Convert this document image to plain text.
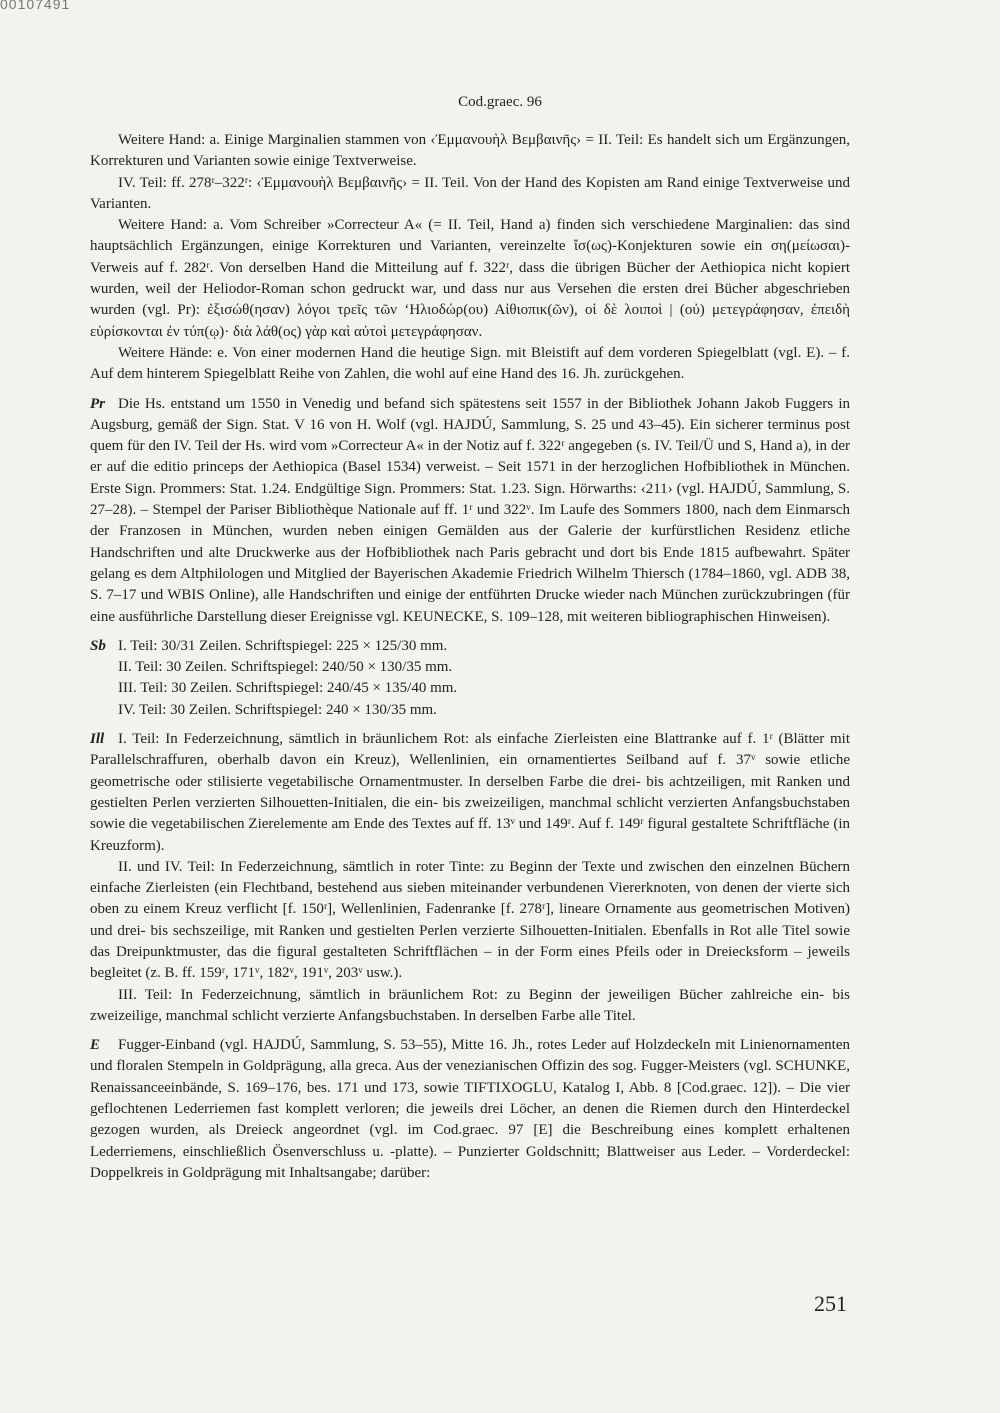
00107491
Cod.graec. 96

Weitere Hand: a. Einige Marginalien stammen von ‹Ἐμμανουὴλ Βεμβαινῆς› = II. Teil: Es handelt sich um Ergänzungen, Korrekturen und Varianten sowie einige Textverweise.

IV. Teil: ff. 278ʳ–322ʳ: ‹Ἐμμανουὴλ Βεμβαινῆς› = II. Teil. Von der Hand des Kopisten am Rand einige Textverweise und Varianten.

Weitere Hand: a. Vom Schreiber »Correcteur A« (= II. Teil, Hand a) finden sich verschiedene Marginalien: das sind hauptsächlich Ergänzungen, einige Korrekturen und Varianten, vereinzelte ἴσ(ως)-Konjekturen sowie ein ση(μείωσαι)-Verweis auf f. 282ʳ. Von derselben Hand die Mitteilung auf f. 322ʳ, dass die übrigen Bücher der Aethiopica nicht kopiert wurden, weil der Heliodor-Roman schon gedruckt war, und dass nur aus Versehen die ersten drei Bücher abgeschrieben wurden (vgl. Pr): ἐξισώθ(ησαν) λόγοι τρεῖς τῶν ʻΗλιοδώρ(ου) Αἰθιοπικ(ῶν), οἱ δὲ λοιποὶ | (οὐ) μετεγράφησαν, ἐπειδὴ εὑρίσκονται ἐν τύπ(ῳ)· διὰ λάθ(ος) γὰρ καὶ αὐτοὶ μετεγράφησαν.

Weitere Hände: e. Von einer modernen Hand die heutige Sign. mit Bleistift auf dem vorderen Spiegelblatt (vgl. E). – f. Auf dem hinterem Spiegelblatt Reihe von Zahlen, die wohl auf eine Hand des 16. Jh. zurückgehen.

Pr Die Hs. entstand um 1550 in Venedig und befand sich spätestens seit 1557 in der Bibliothek Johann Jakob Fuggers in Augsburg, gemäß der Sign. Stat. V 16 von H. Wolf (vgl. HAJDÚ, Sammlung, S. 25 und 43–45). Ein sicherer terminus post quem für den IV. Teil der Hs. wird vom »Correcteur A« in der Notiz auf f. 322ʳ angegeben (s. IV. Teil/Ü und S, Hand a), in der er auf die editio princeps der Aethiopica (Basel 1534) verweist. – Seit 1571 in der herzoglichen Hofbibliothek in München. Erste Sign. Prommers: Stat. 1.24. Endgültige Sign. Prommers: Stat. 1.23. Sign. Hörwarths: ‹211› (vgl. HAJDÚ, Sammlung, S. 27–28). – Stempel der Pariser Bibliothèque Nationale auf ff. 1ʳ und 322ᵛ. Im Laufe des Sommers 1800, nach dem Einmarsch der Franzosen in München, wurden neben einigen Gemälden aus der Galerie der kurfürstlichen Residenz etliche Handschriften und alte Druckwerke aus der Hofbibliothek nach Paris gebracht und dort bis Ende 1815 aufbewahrt. Später gelang es dem Altphilologen und Mitglied der Bayerischen Akademie Friedrich Wilhelm Thiersch (1784–1860, vgl. ADB 38, S. 7–17 und WBIS Online), alle Handschriften und einige der entführten Drucke wieder nach München zurückzubringen (für eine ausführliche Darstellung dieser Ereignisse vgl. KEUNECKE, S. 109–128, mit weiteren bibliographischen Hinweisen).

Sb I. Teil: 30/31 Zeilen. Schriftspiegel: 225 × 125/30 mm.

II. Teil: 30 Zeilen. Schriftspiegel: 240/50 × 130/35 mm.

III. Teil: 30 Zeilen. Schriftspiegel: 240/45 × 135/40 mm.

IV. Teil: 30 Zeilen. Schriftspiegel: 240 × 130/35 mm.

Ill I. Teil: In Federzeichnung, sämtlich in bräunlichem Rot: als einfache Zierleisten eine Blattranke auf f. 1ʳ (Blätter mit Parallelschraffuren, oberhalb davon ein Kreuz), Wellenlinien, ein ornamentiertes Seilband auf f. 37ᵛ sowie etliche geometrische oder stilisierte vegetabilische Ornamentmuster. In derselben Farbe die drei- bis achtzeiligen, mit Ranken und gestielten Perlen verzierten Silhouetten-Initialen, die ein- bis zweizeiligen, manchmal schlicht verzierten Anfangsbuchstaben sowie die vegetabilischen Zierelemente am Ende des Textes auf ff. 13ᵛ und 149ʳ. Auf f. 149ʳ figural gestaltete Schriftfläche (in Kreuzform).

II. und IV. Teil: In Federzeichnung, sämtlich in roter Tinte: zu Beginn der Texte und zwischen den einzelnen Büchern einfache Zierleisten (ein Flechtband, bestehend aus sieben miteinander verbundenen Viererknoten, von denen der vierte sich oben zu einem Kreuz verflicht [f. 150ʳ], Wellenlinien, Fadenranke [f. 278ʳ], lineare Ornamente aus geometrischen Motiven) und drei- bis sechszeilige, mit Ranken und gestielten Perlen verzierte Silhouetten-Initialen. Ebenfalls in Rot alle Titel sowie das Dreipunktmuster, das die figural gestalteten Schriftflächen – in der Form eines Pfeils oder in Dreiecksform – jeweils begleitet (z. B. ff. 159ʳ, 171ᵛ, 182ᵛ, 191ᵛ, 203ᵛ usw.).

III. Teil: In Federzeichnung, sämtlich in bräunlichem Rot: zu Beginn der jeweiligen Bücher zahlreiche ein- bis zweizeilige, manchmal schlicht verzierte Anfangsbuchstaben. In derselben Farbe alle Titel.

E Fugger-Einband (vgl. HAJDÚ, Sammlung, S. 53–55), Mitte 16. Jh., rotes Leder auf Holzdeckeln mit Linienornamenten und floralen Stempeln in Goldprägung, alla greca. Aus der venezianischen Offizin des sog. Fugger-Meisters (vgl. SCHUNKE, Renaissanceeinbände, S. 169–176, bes. 171 und 173, sowie TIFTIXOGLU, Katalog I, Abb. 8 [Cod.graec. 12]). – Die vier geflochtenen Lederriemen fast komplett verloren; die jeweils drei Löcher, an denen die Riemen durch den Hinterdeckel gezogen wurden, als Dreieck angeordnet (vgl. im Cod.graec. 97 [E] die Beschreibung eines komplett erhaltenen Lederriemens, einschließlich Ösenverschluss u. -platte). – Punzierter Goldschnitt; Blattweiser aus Leder. – Vorderdeckel: Doppelkreis in Goldprägung mit Inhaltsangabe; darüber:

251
